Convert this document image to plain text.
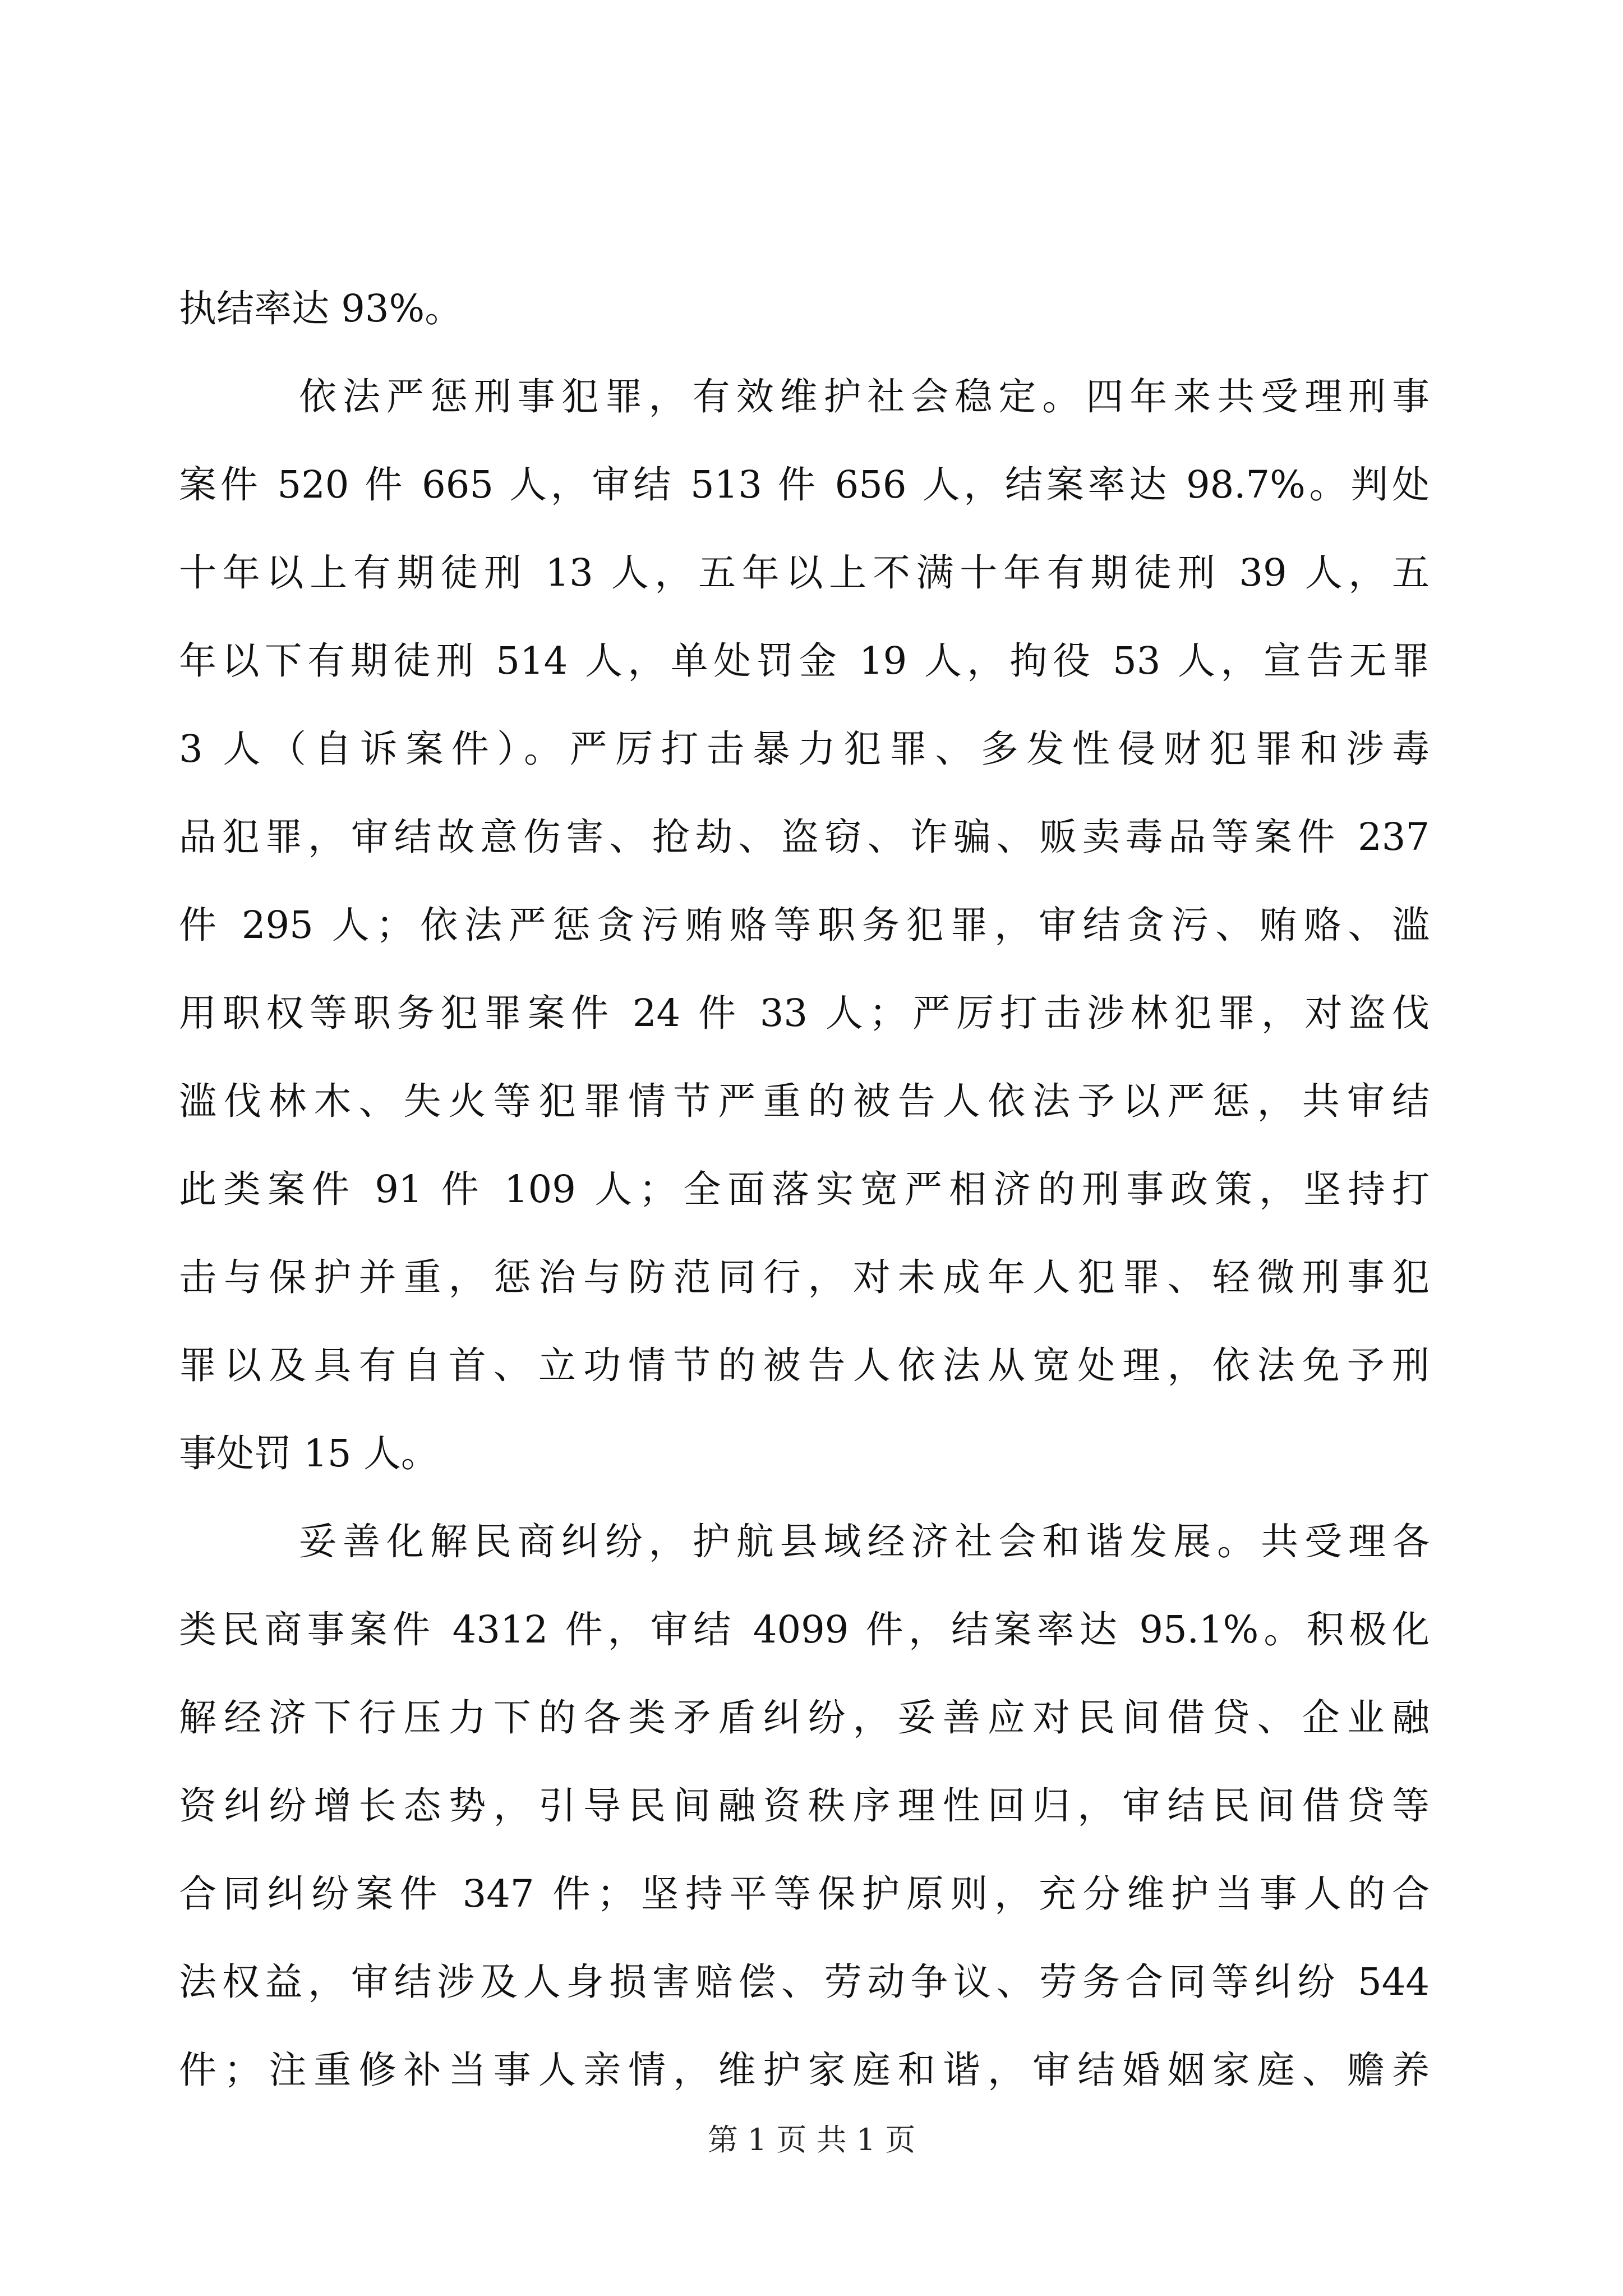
执结率达 93%。
依法严惩刑事犯罪，有效维护社会稳定。四年来共受理刑事
案件 520 件 665 人，审结 513 件 656 人，结案率达 98.7%。判处
十年以上有期徒刑 13 人，五年以上不满十年有期徒刑 39 人，五
年以下有期徒刑 514 人，单处罚金 19 人，拘役 53 人，宣告无罪
3 人（自诉案件）。严厉打击暴力犯罪、多发性侵财犯罪和涉毒
品犯罪，审结故意伤害、抢劫、盗窃、诈骗、贩卖毒品等案件 237
件 295 人；依法严惩贪污贿赂等职务犯罪，审结贪污、贿赂、滥
用职权等职务犯罪案件 24 件 33 人；严厉打击涉林犯罪，对盗伐
滥伐林木、失火等犯罪情节严重的被告人依法予以严惩，共审结
此类案件 91 件 109 人；全面落实宽严相济的刑事政策，坚持打
击与保护并重，惩治与防范同行，对未成年人犯罪、轻微刑事犯
罪以及具有自首、立功情节的被告人依法从宽处理，依法免予刑
事处罚 15 人。
妥善化解民商纠纷，护航县域经济社会和谐发展。共受理各
类民商事案件 4312 件，审结 4099 件，结案率达 95.1%。积极化
解经济下行压力下的各类矛盾纠纷，妥善应对民间借贷、企业融
资纠纷增长态势，引导民间融资秩序理性回归，审结民间借贷等
合同纠纷案件 347 件；坚持平等保护原则，充分维护当事人的合
法权益，审结涉及人身损害赔偿、劳动争议、劳务合同等纠纷 544
件；注重修补当事人亲情，维护家庭和谐，审结婚姻家庭、赡养
第 1 页 共 1 页
